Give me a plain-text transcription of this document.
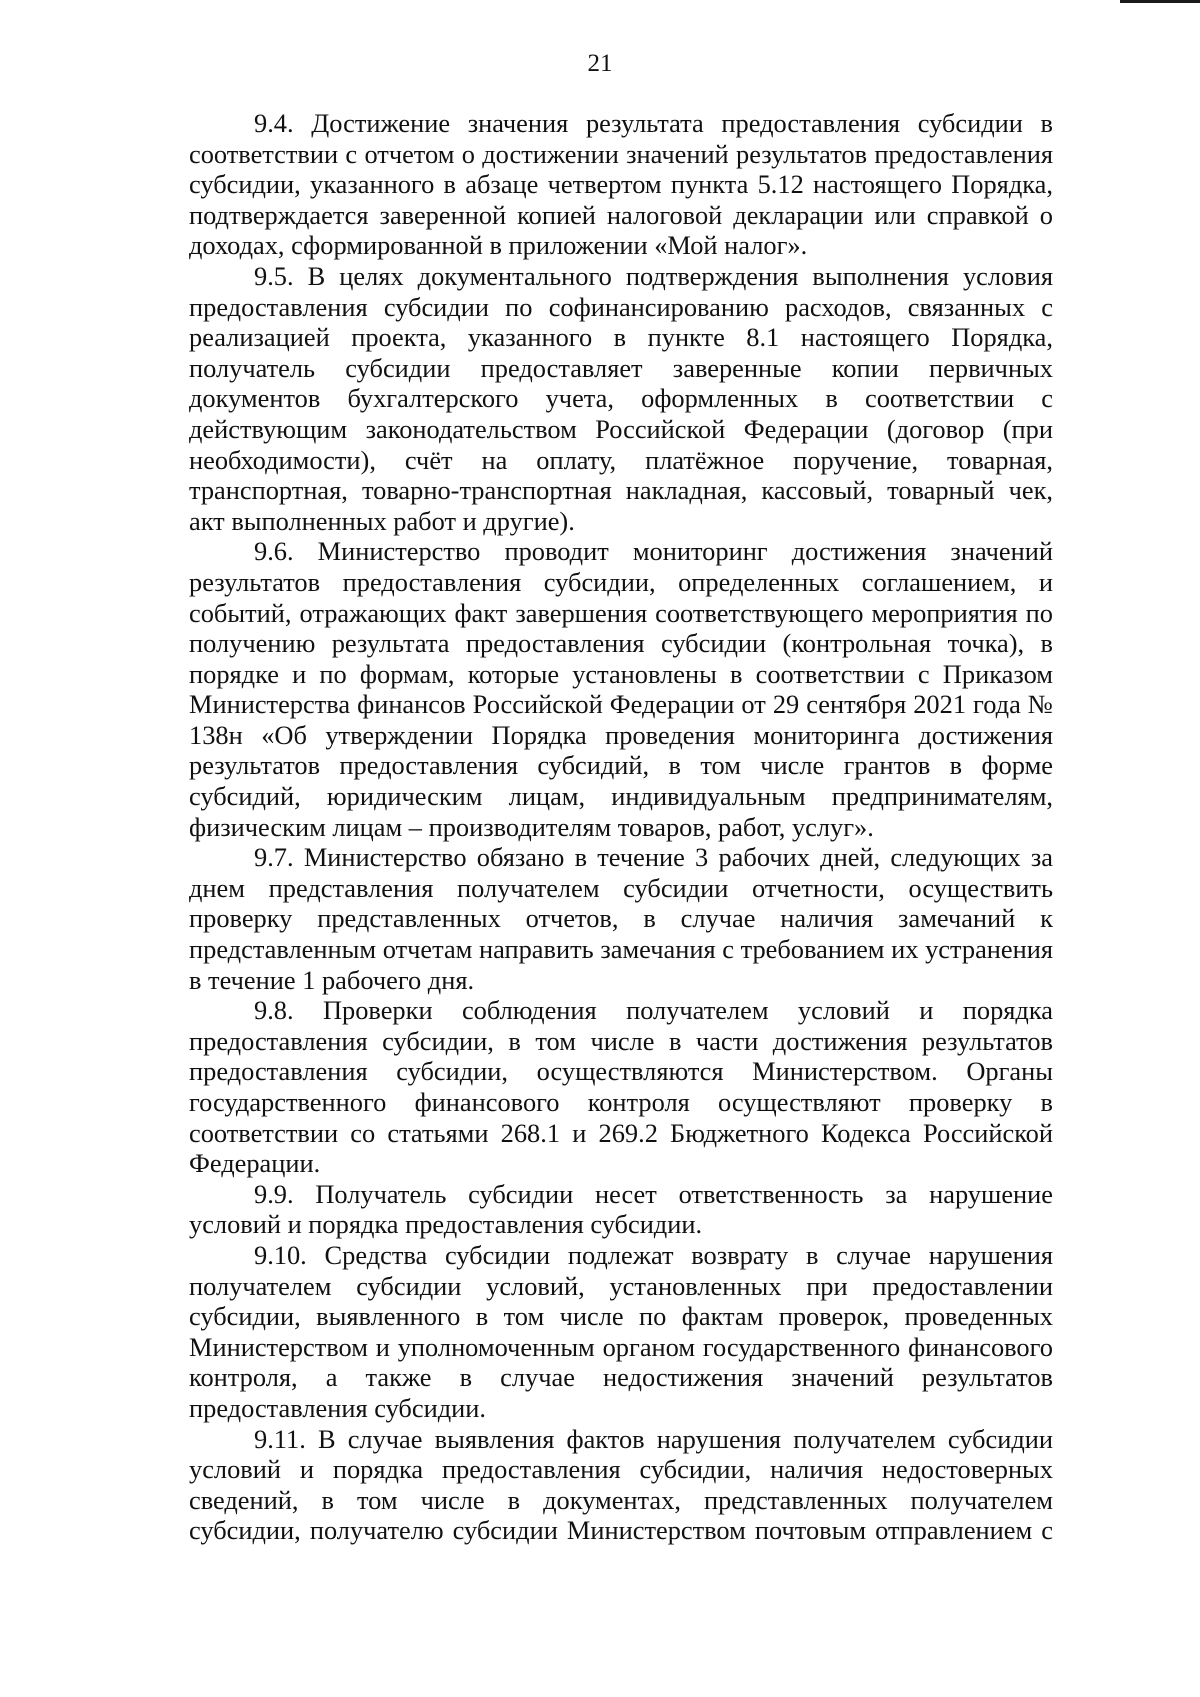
21

9.4. Достижение значения результата предоставления субсидии в соответствии с отчетом о достижении значений результатов предоставления субсидии, указанного в абзаце четвертом пункта 5.12 настоящего Порядка, подтверждается заверенной копией налоговой декларации или справкой о доходах, сформированной в приложении «Мой налог».

9.5. В целях документального подтверждения выполнения условия предоставления субсидии по софинансированию расходов, связанных с реализацией проекта, указанного в пункте 8.1 настоящего Порядка, получатель субсидии предоставляет заверенные копии первичных документов бухгалтерского учета, оформленных в соответствии с действующим законодательством Российской Федерации (договор (при необходимости), счёт на оплату, платёжное поручение, товарная, транспортная, товарно-транспортная накладная, кассовый, товарный чек, акт выполненных работ и другие).

9.6. Министерство проводит мониторинг достижения значений результатов предоставления субсидии, определенных соглашением, и событий, отражающих факт завершения соответствующего мероприятия по получению результата предоставления субсидии (контрольная точка), в порядке и по формам, которые установлены в соответствии с Приказом Министерства финансов Российской Федерации от 29 сентября 2021 года № 138н «Об утверждении Порядка проведения мониторинга достижения результатов предоставления субсидий, в том числе грантов в форме субсидий, юридическим лицам, индивидуальным предпринимателям, физическим лицам – производителям товаров, работ, услуг».

9.7. Министерство обязано в течение 3 рабочих дней, следующих за днем представления получателем субсидии отчетности, осуществить проверку представленных отчетов, в случае наличия замечаний к представленным отчетам направить замечания с требованием их устранения в течение 1 рабочего дня.

9.8. Проверки соблюдения получателем условий и порядка предоставления субсидии, в том числе в части достижения результатов предоставления субсидии, осуществляются Министерством. Органы государственного финансового контроля осуществляют проверку в соответствии со статьями 268.1 и 269.2 Бюджетного Кодекса Российской Федерации.

9.9. Получатель субсидии несет ответственность за нарушение условий и порядка предоставления субсидии.

9.10. Средства субсидии подлежат возврату в случае нарушения получателем субсидии условий, установленных при предоставлении субсидии, выявленного в том числе по фактам проверок, проведенных Министерством и уполномоченным органом государственного финансового контроля, а также в случае недостижения значений результатов предоставления субсидии.

9.11. В случае выявления фактов нарушения получателем субсидии условий и порядка предоставления субсидии, наличия недостоверных сведений, в том числе в документах, представленных получателем субсидии, получателю субсидии Министерством почтовым отправлением с
